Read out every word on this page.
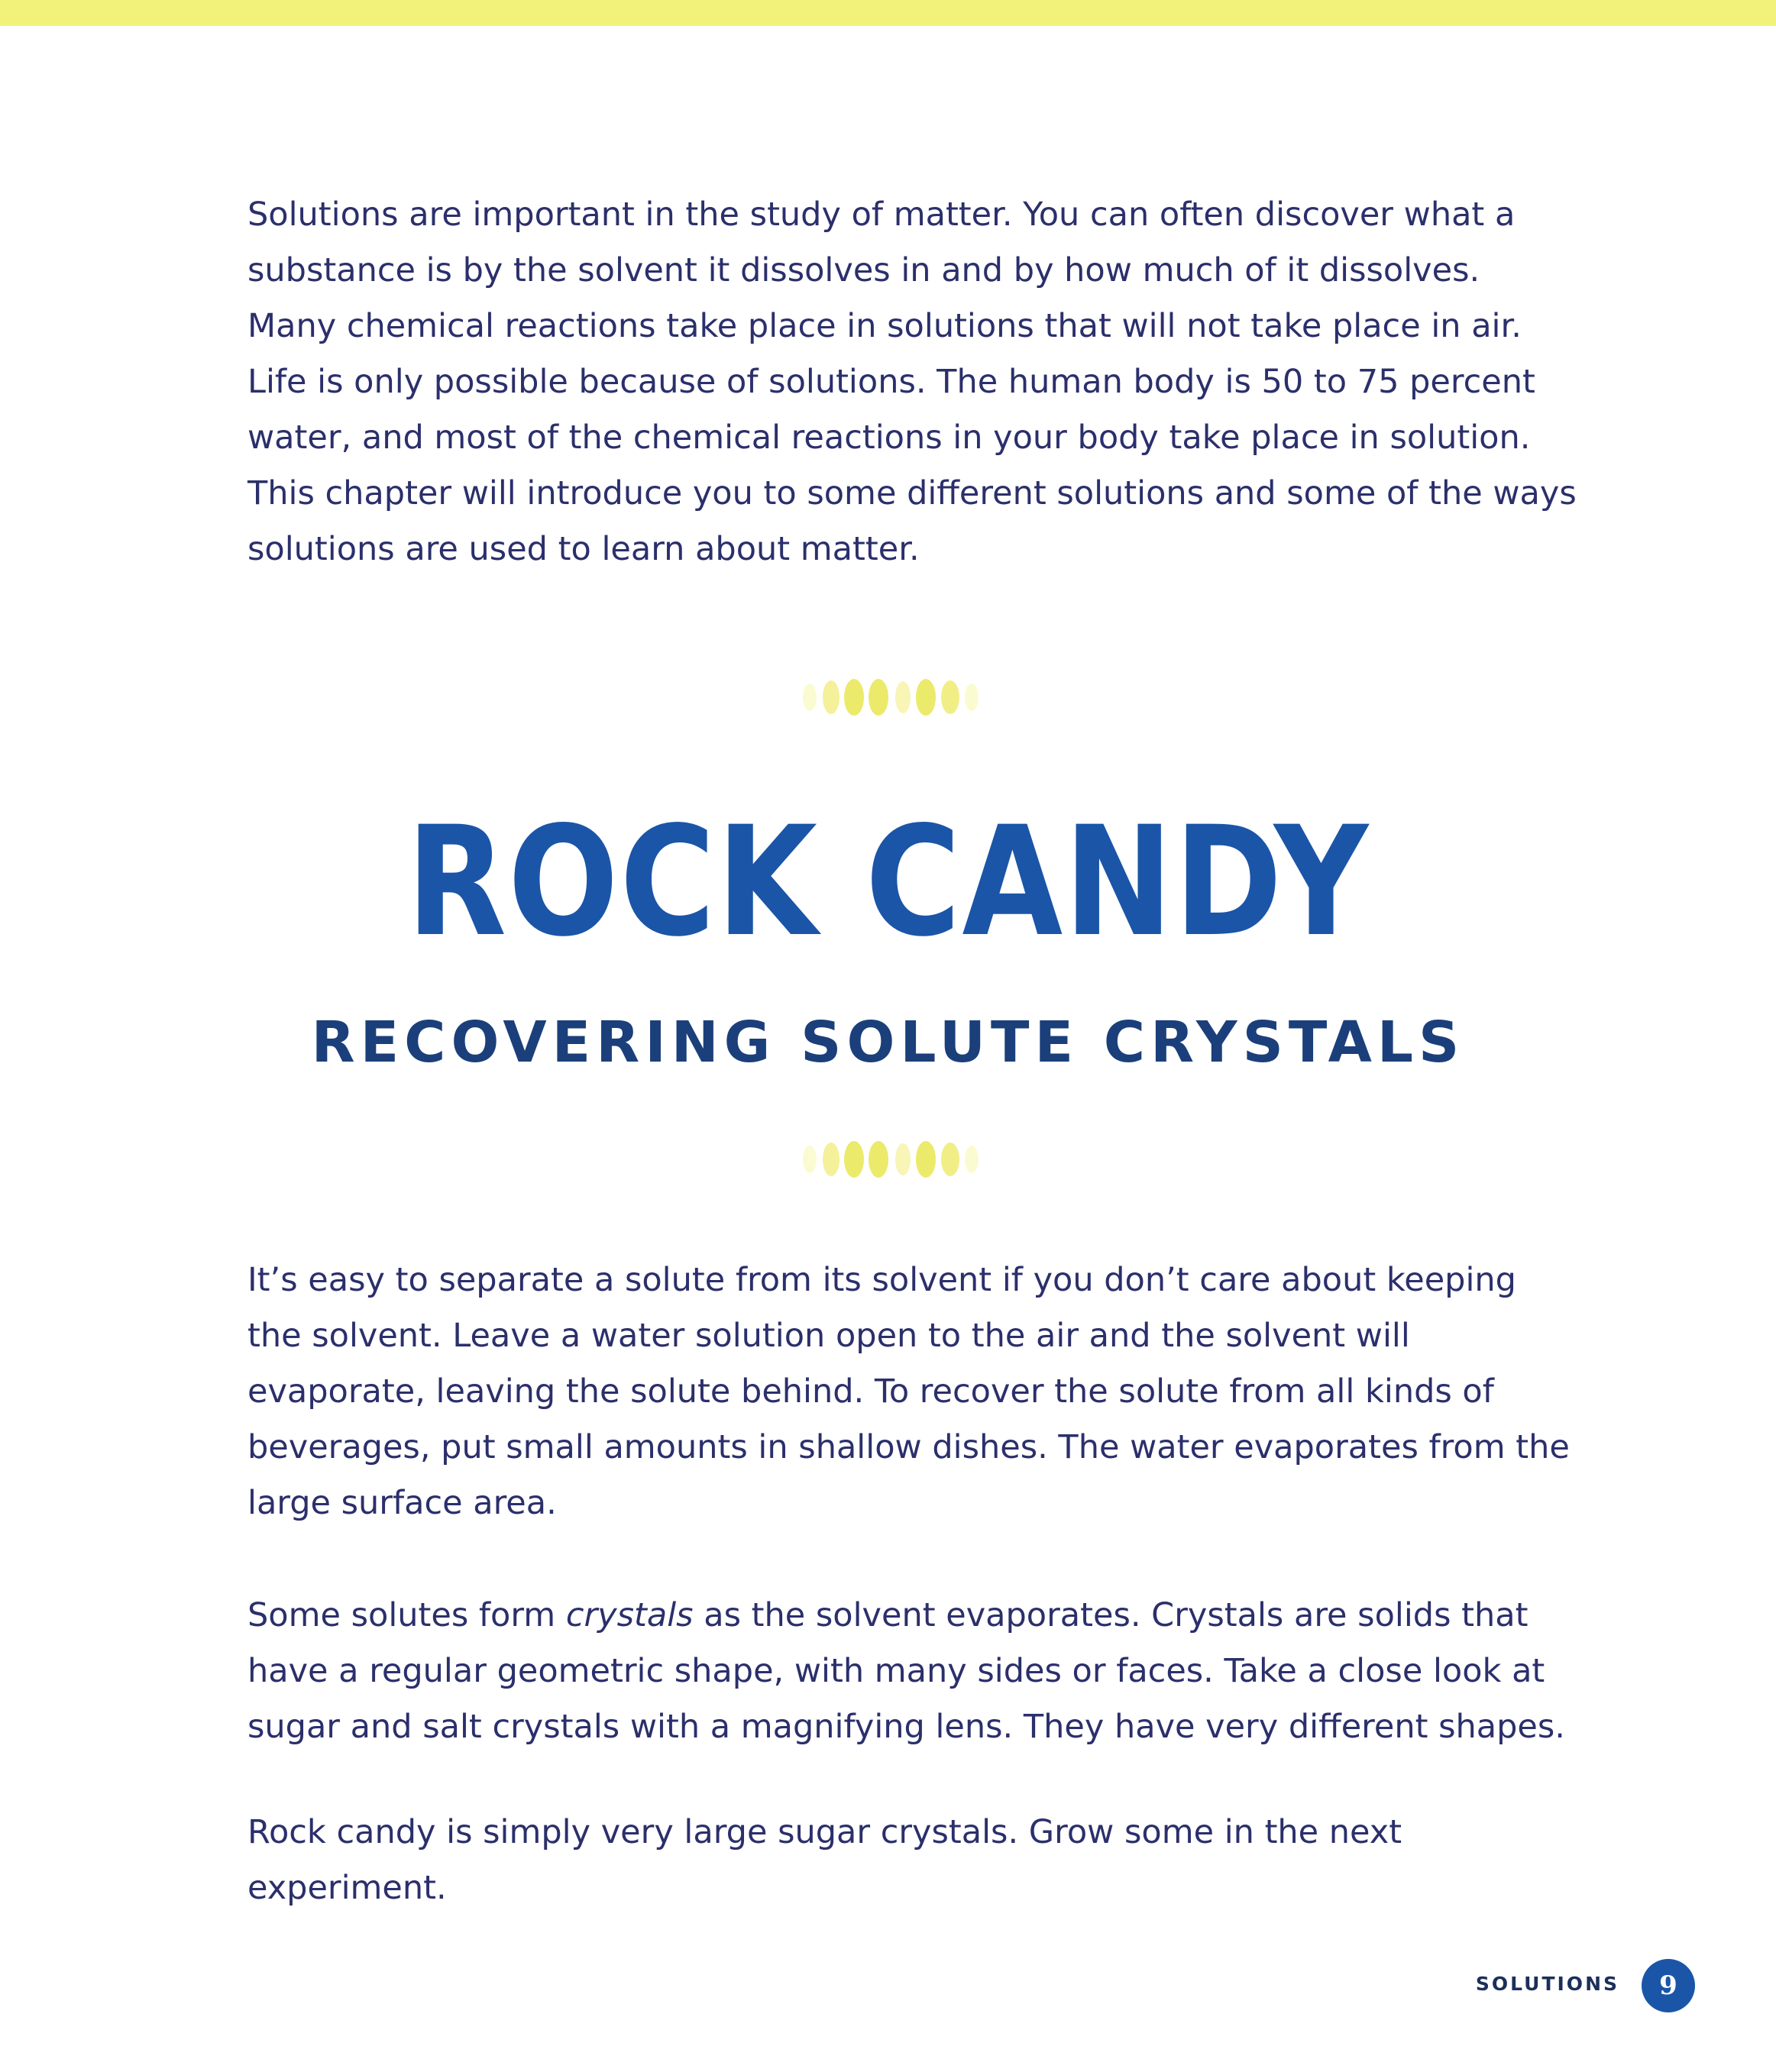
Solutions are important in the study of matter. You can often discover what a substance is by the solvent it dissolves in and by how much of it dissolves. Many chemical reactions take place in solutions that will not take place in air. Life is only possible because of solutions. The human body is 50 to 75 percent water, and most of the chemical reactions in your body take place in solution. This chapter will introduce you to some different solutions and some of the ways solutions are used to learn about matter.

ROCK CANDY
RECOVERING SOLUTE CRYSTALS

It’s easy to separate a solute from its solvent if you don’t care about keeping the solvent. Leave a water solution open to the air and the solvent will evaporate, leaving the solute behind. To recover the solute from all kinds of beverages, put small amounts in shallow dishes. The water evaporates from the large surface area.

Some solutes form crystals as the solvent evaporates. Crystals are solids that have a regular geometric shape, with many sides or faces. Take a close look at sugar and salt crystals with a magnifying lens. They have very different shapes.

Rock candy is simply very large sugar crystals. Grow some in the next experiment.

SOLUTIONS	9
